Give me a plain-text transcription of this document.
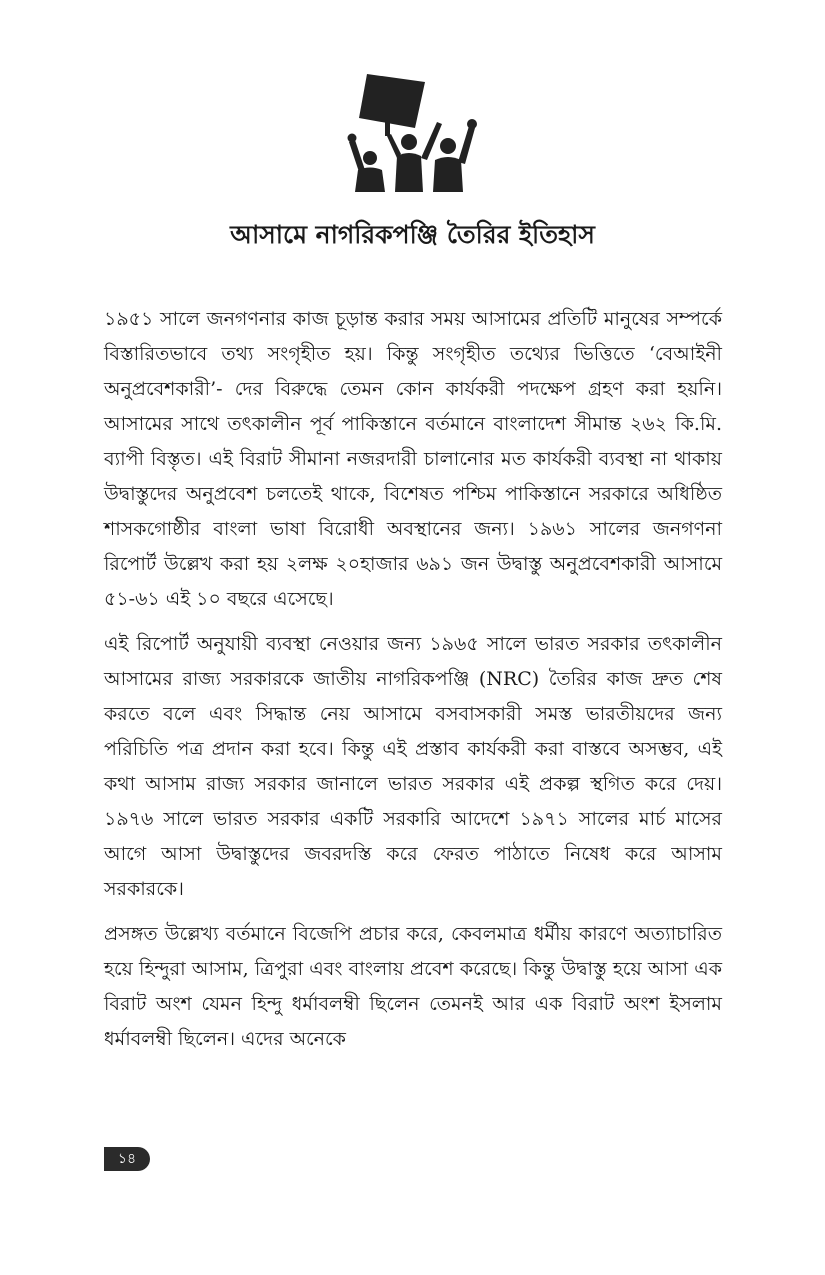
আসামে নাগরিকপঞ্জি তৈরির ইতিহাস

১৯৫১ সালে জনগণনার কাজ চূড়ান্ত করার সময় আসামের প্রতিটি মানুষের সম্পর্কে বিস্তারিতভাবে তথ্য সংগৃহীত হয়। কিন্তু সংগৃহীত তথ্যের ভিত্তিতে ‘বেআইনী অনুপ্রবেশকারী’- দের বিরুদ্ধে তেমন কোন কার্যকরী পদক্ষেপ গ্রহণ করা হয়নি। আসামের সাথে তৎকালীন পূর্ব পাকিস্তানে বর্তমানে বাংলাদেশ সীমান্ত ২৬২ কি.মি. ব্যাপী বিস্তৃত। এই বিরাট সীমানা নজরদারী চালানোর মত কার্যকরী ব্যবস্থা না থাকায় উদ্বাস্তুদের অনুপ্রবেশ চলতেই থাকে, বিশেষত পশ্চিম পাকিস্তানে সরকারে অধিষ্ঠিত শাসকগোষ্ঠীর বাংলা ভাষা বিরোধী অবস্থানের জন্য। ১৯৬১ সালের জনগণনা রিপোর্ট উল্লেখ করা হয় ২লক্ষ ২০হাজার ৬৯১ জন উদ্বাস্তু অনুপ্রবেশকারী আসামে ৫১-৬১ এই ১০ বছরে এসেছে।

এই রিপোর্ট অনুযায়ী ব্যবস্থা নেওয়ার জন্য ১৯৬৫ সালে ভারত সরকার তৎকালীন আসামের রাজ্য সরকারকে জাতীয় নাগরিকপঞ্জি (NRC) তৈরির কাজ দ্রুত শেষ করতে বলে এবং সিদ্ধান্ত নেয় আসামে বসবাসকারী সমস্ত ভারতীয়দের জন্য পরিচিতি পত্র প্রদান করা হবে। কিন্তু এই প্রস্তাব কার্যকরী করা বাস্তবে অসম্ভব, এই কথা আসাম রাজ্য সরকার জানালে ভারত সরকার এই প্রকল্প স্থগিত করে দেয়। ১৯৭৬ সালে ভারত সরকার একটি সরকারি আদেশে ১৯৭১ সালের মার্চ মাসের আগে আসা উদ্বাস্তুদের জবরদস্তি করে ফেরত পাঠাতে নিষেধ করে আসাম সরকারকে।

প্রসঙ্গত উল্লেখ্য বর্তমানে বিজেপি প্রচার করে, কেবলমাত্র ধর্মীয় কারণে অত্যাচারিত হয়ে হিন্দুরা আসাম, ত্রিপুরা এবং বাংলায় প্রবেশ করেছে। কিন্তু উদ্বাস্তু হয়ে আসা এক বিরাট অংশ যেমন হিন্দু ধর্মাবলম্বী ছিলেন তেমনই আর এক বিরাট অংশ ইসলাম ধর্মাবলম্বী ছিলেন। এদের অনেকে

১৪
